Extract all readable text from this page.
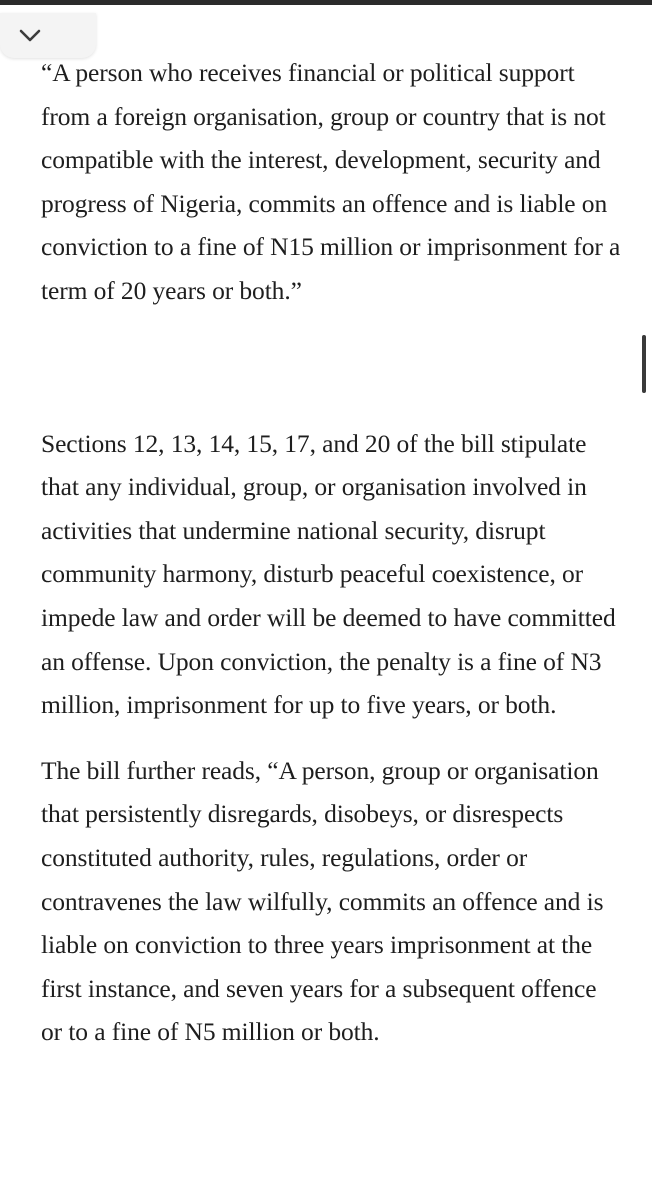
“A person who receives financial or political support from a foreign organisation, group or country that is not compatible with the interest, development, security and progress of Nigeria, commits an offence and is liable on conviction to a fine of N15 million or imprisonment for a term of 20 years or both.”

Sections 12, 13, 14, 15, 17, and 20 of the bill stipulate that any individual, group, or organisation involved in activities that undermine national security, disrupt community harmony, disturb peaceful coexistence, or impede law and order will be deemed to have committed an offense. Upon conviction, the penalty is a fine of N3 million, imprisonment for up to five years, or both.

The bill further reads, “A person, group or organisation that persistently disregards, disobeys, or disrespects constituted authority, rules, regulations, order or contravenes the law wilfully, commits an offence and is liable on conviction to three years imprisonment at the first instance, and seven years for a subsequent offence or to a fine of N5 million or both.
